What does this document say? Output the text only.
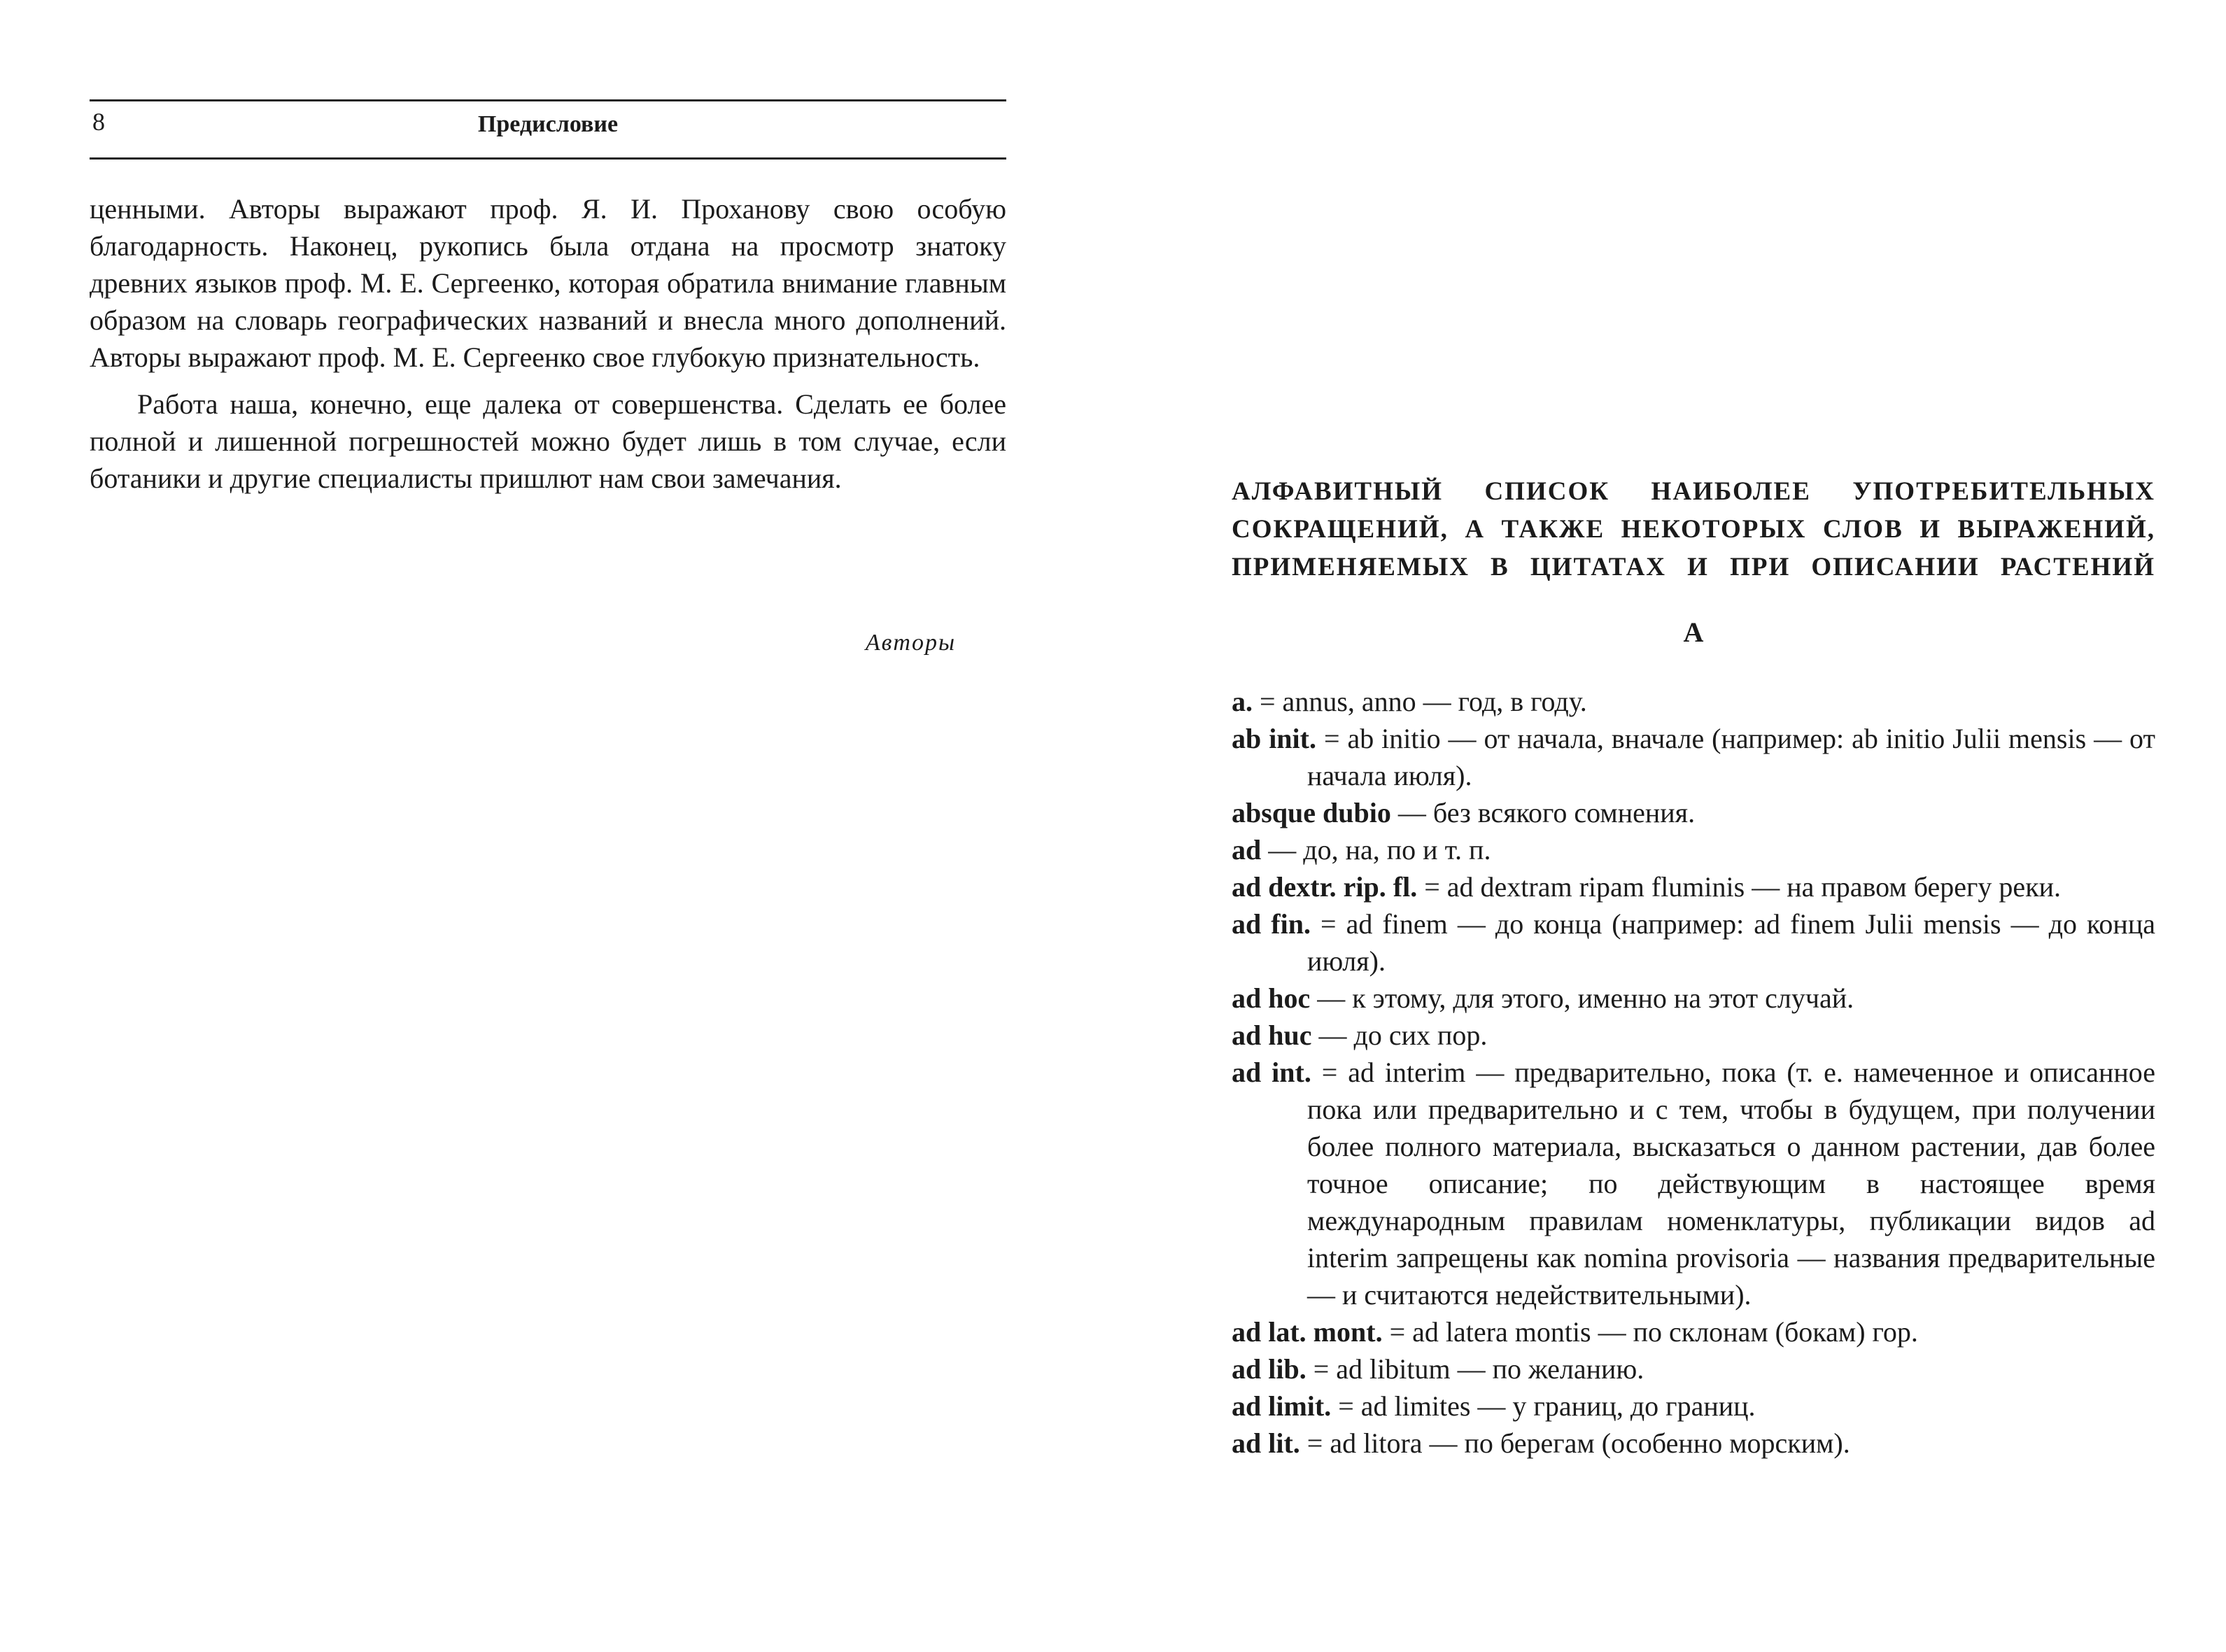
8	Предисловие

ценными. Авторы выражают проф. Я. И. Проханову свою особую благодарность. Наконец, рукопись была отдана на просмотр знатоку древних языков проф. М. Е. Сергеенко, которая обратила внимание главным образом на словарь географических названий и внесла много дополнений. Авторы выражают проф. М. Е. Сергеенко свое глубокую признательность.

Работа наша, конечно, еще далека от совершенства. Сделать ее более полной и лишенной погрешностей можно будет лишь в том случае, если ботаники и другие специалисты пришлют нам свои замечания.

Авторы
АЛФАВИТНЫЙ СПИСОК НАИБОЛЕЕ УПОТРЕБИТЕЛЬНЫХ
СОКРАЩЕНИЙ, А ТАКЖЕ НЕКОТОРЫХ СЛОВ И ВЫРАЖЕНИЙ,
ПРИМЕНЯЕМЫХ В ЦИТАТАХ И ПРИ ОПИСАНИИ РАСТЕНИЙ
А
a. = annus, anno — год, в году.
ab init. = ab initio — от начала, вначале (например: ab initio Julii mensis — от начала июля).
absque dubio — без всякого сомнения.
ad — до, на, по и т. п.
ad dextr. rip. fl. = ad dextram ripam fluminis — на правом берегу реки.
ad fin. = ad finem — до конца (например: ad finem Julii mensis — до конца июля).
ad hoc — к этому, для этого, именно на этот случай.
ad huc — до сих пор.
ad int. = ad interim — предварительно, пока (т. е. намеченное и описанное пока или предварительно и с тем, чтобы в будущем, при получении более полного материала, высказаться о данном растении, дав более точное описание; по действующим в настоящее время международным правилам номенклатуры, публикации видов ad interim запрещены как nomina provisoria — названия предварительные — и считаются недействительными).
ad lat. mont. = ad latera montis — по склонам (бокам) гор.
ad lib. = ad libitum — по желанию.
ad limit. = ad limites — у границ, до границ.
ad lit. = ad litora — по берегам (особенно морским).
